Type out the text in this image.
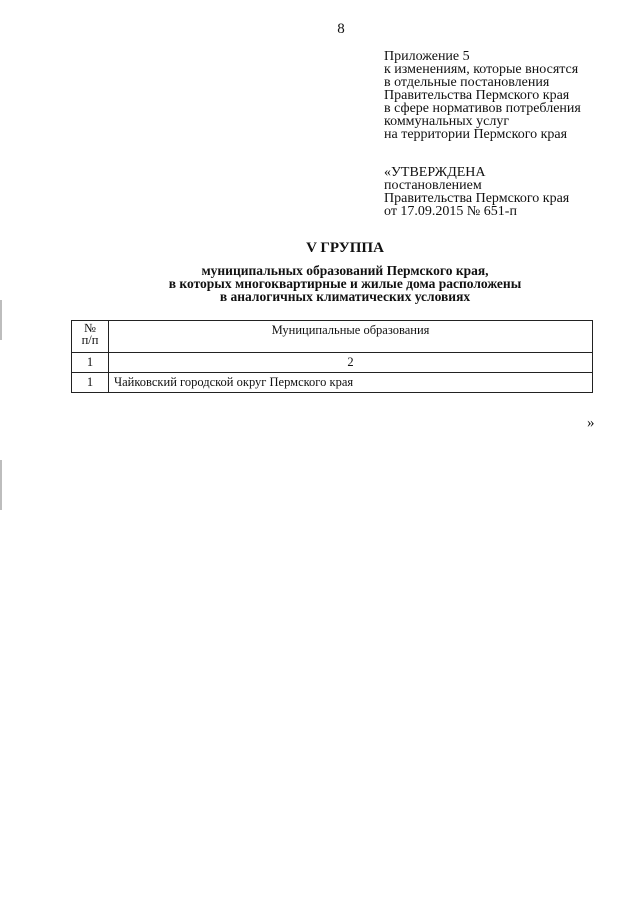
8
Приложение 5
к изменениям, которые вносятся
в отдельные постановления
Правительства Пермского края
в сфере нормативов потребления
коммунальных услуг
на территории Пермского края
«УТВЕРЖДЕНА
постановлением
Правительства Пермского края
от 17.09.2015 № 651-п
V ГРУППА
муниципальных образований Пермского края,
в которых многоквартирные и жилые дома расположены
в аналогичных климатических условиях
№
п/п	Муниципальные образования
1	2
1	Чайковский городской округ Пермского края
»
